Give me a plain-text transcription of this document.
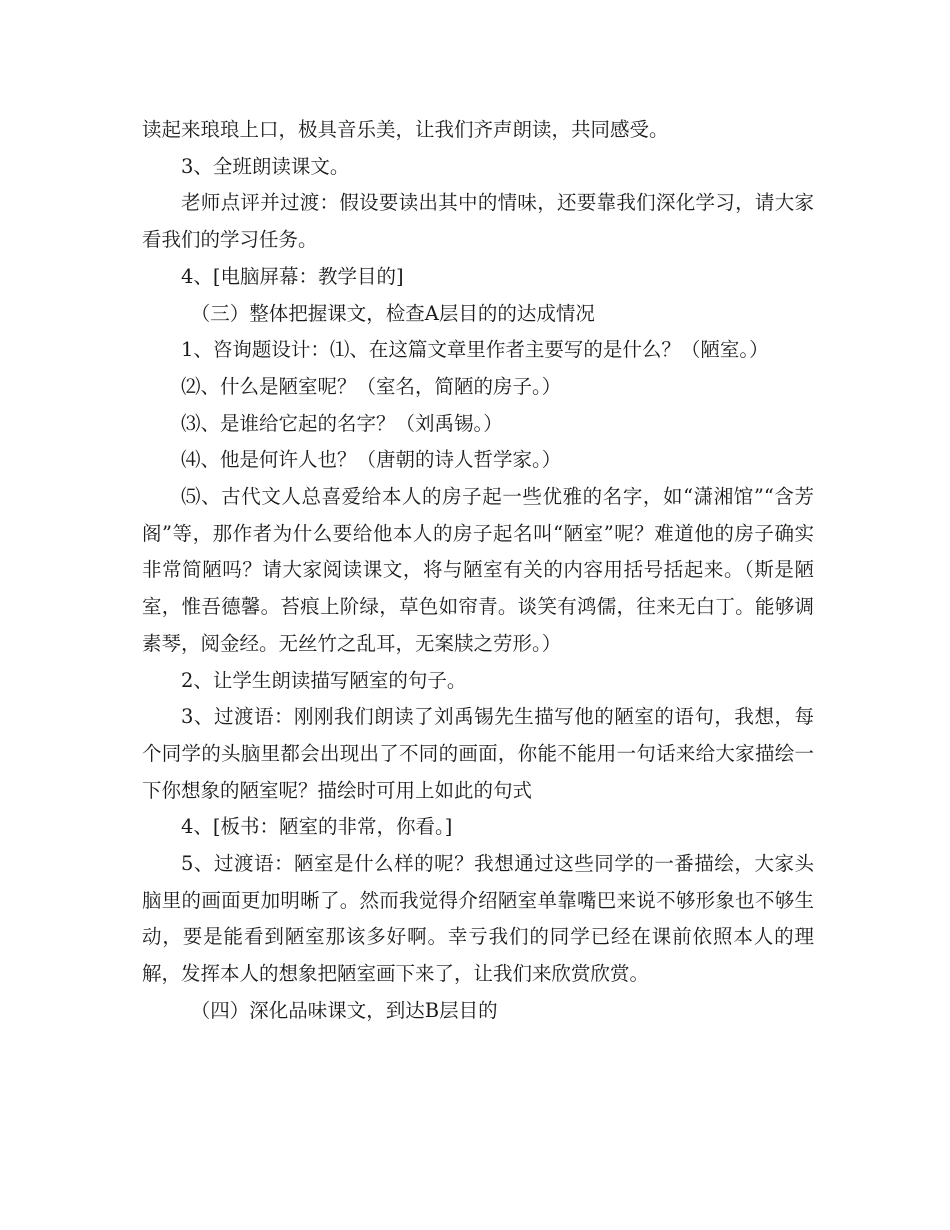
读起来琅琅上口，极具音乐美，让我们齐声朗读，共同感受。

3、全班朗读课文。

老师点评并过渡：假设要读出其中的情味，还要靠我们深化学习，请大家看我们的学习任务。

4、[电脑屏幕：教学目的]

（三）整体把握课文，检查A层目的的达成情况

1、咨询题设计：⑴、在这篇文章里作者主要写的是什么？（陋室。）

⑵、什么是陋室呢？（室名，简陋的房子。）

⑶、是谁给它起的名字？（刘禹锡。）

⑷、他是何许人也？（唐朝的诗人哲学家。）

⑸、古代文人总喜爱给本人的房子起一些优雅的名字，如“潇湘馆”“含芳阁”等，那作者为什么要给他本人的房子起名叫“陋室”呢？难道他的房子确实非常简陋吗？请大家阅读课文，将与陋室有关的内容用括号括起来。（斯是陋室，惟吾德馨。苔痕上阶绿，草色如帘青。谈笑有鸿儒，往来无白丁。能够调素琴，阅金经。无丝竹之乱耳，无案牍之劳形。）

2、让学生朗读描写陋室的句子。

3、过渡语：刚刚我们朗读了刘禹锡先生描写他的陋室的语句，我想，每个同学的头脑里都会出现出了不同的画面，你能不能用一句话来给大家描绘一下你想象的陋室呢？描绘时可用上如此的句式

4、[板书：陋室的非常，你看。]

5、过渡语：陋室是什么样的呢？我想通过这些同学的一番描绘，大家头脑里的画面更加明晰了。然而我觉得介绍陋室单靠嘴巴来说不够形象也不够生动，要是能看到陋室那该多好啊。幸亏我们的同学已经在课前依照本人的理解，发挥本人的想象把陋室画下来了，让我们来欣赏欣赏。

（四）深化品味课文，到达B层目的
